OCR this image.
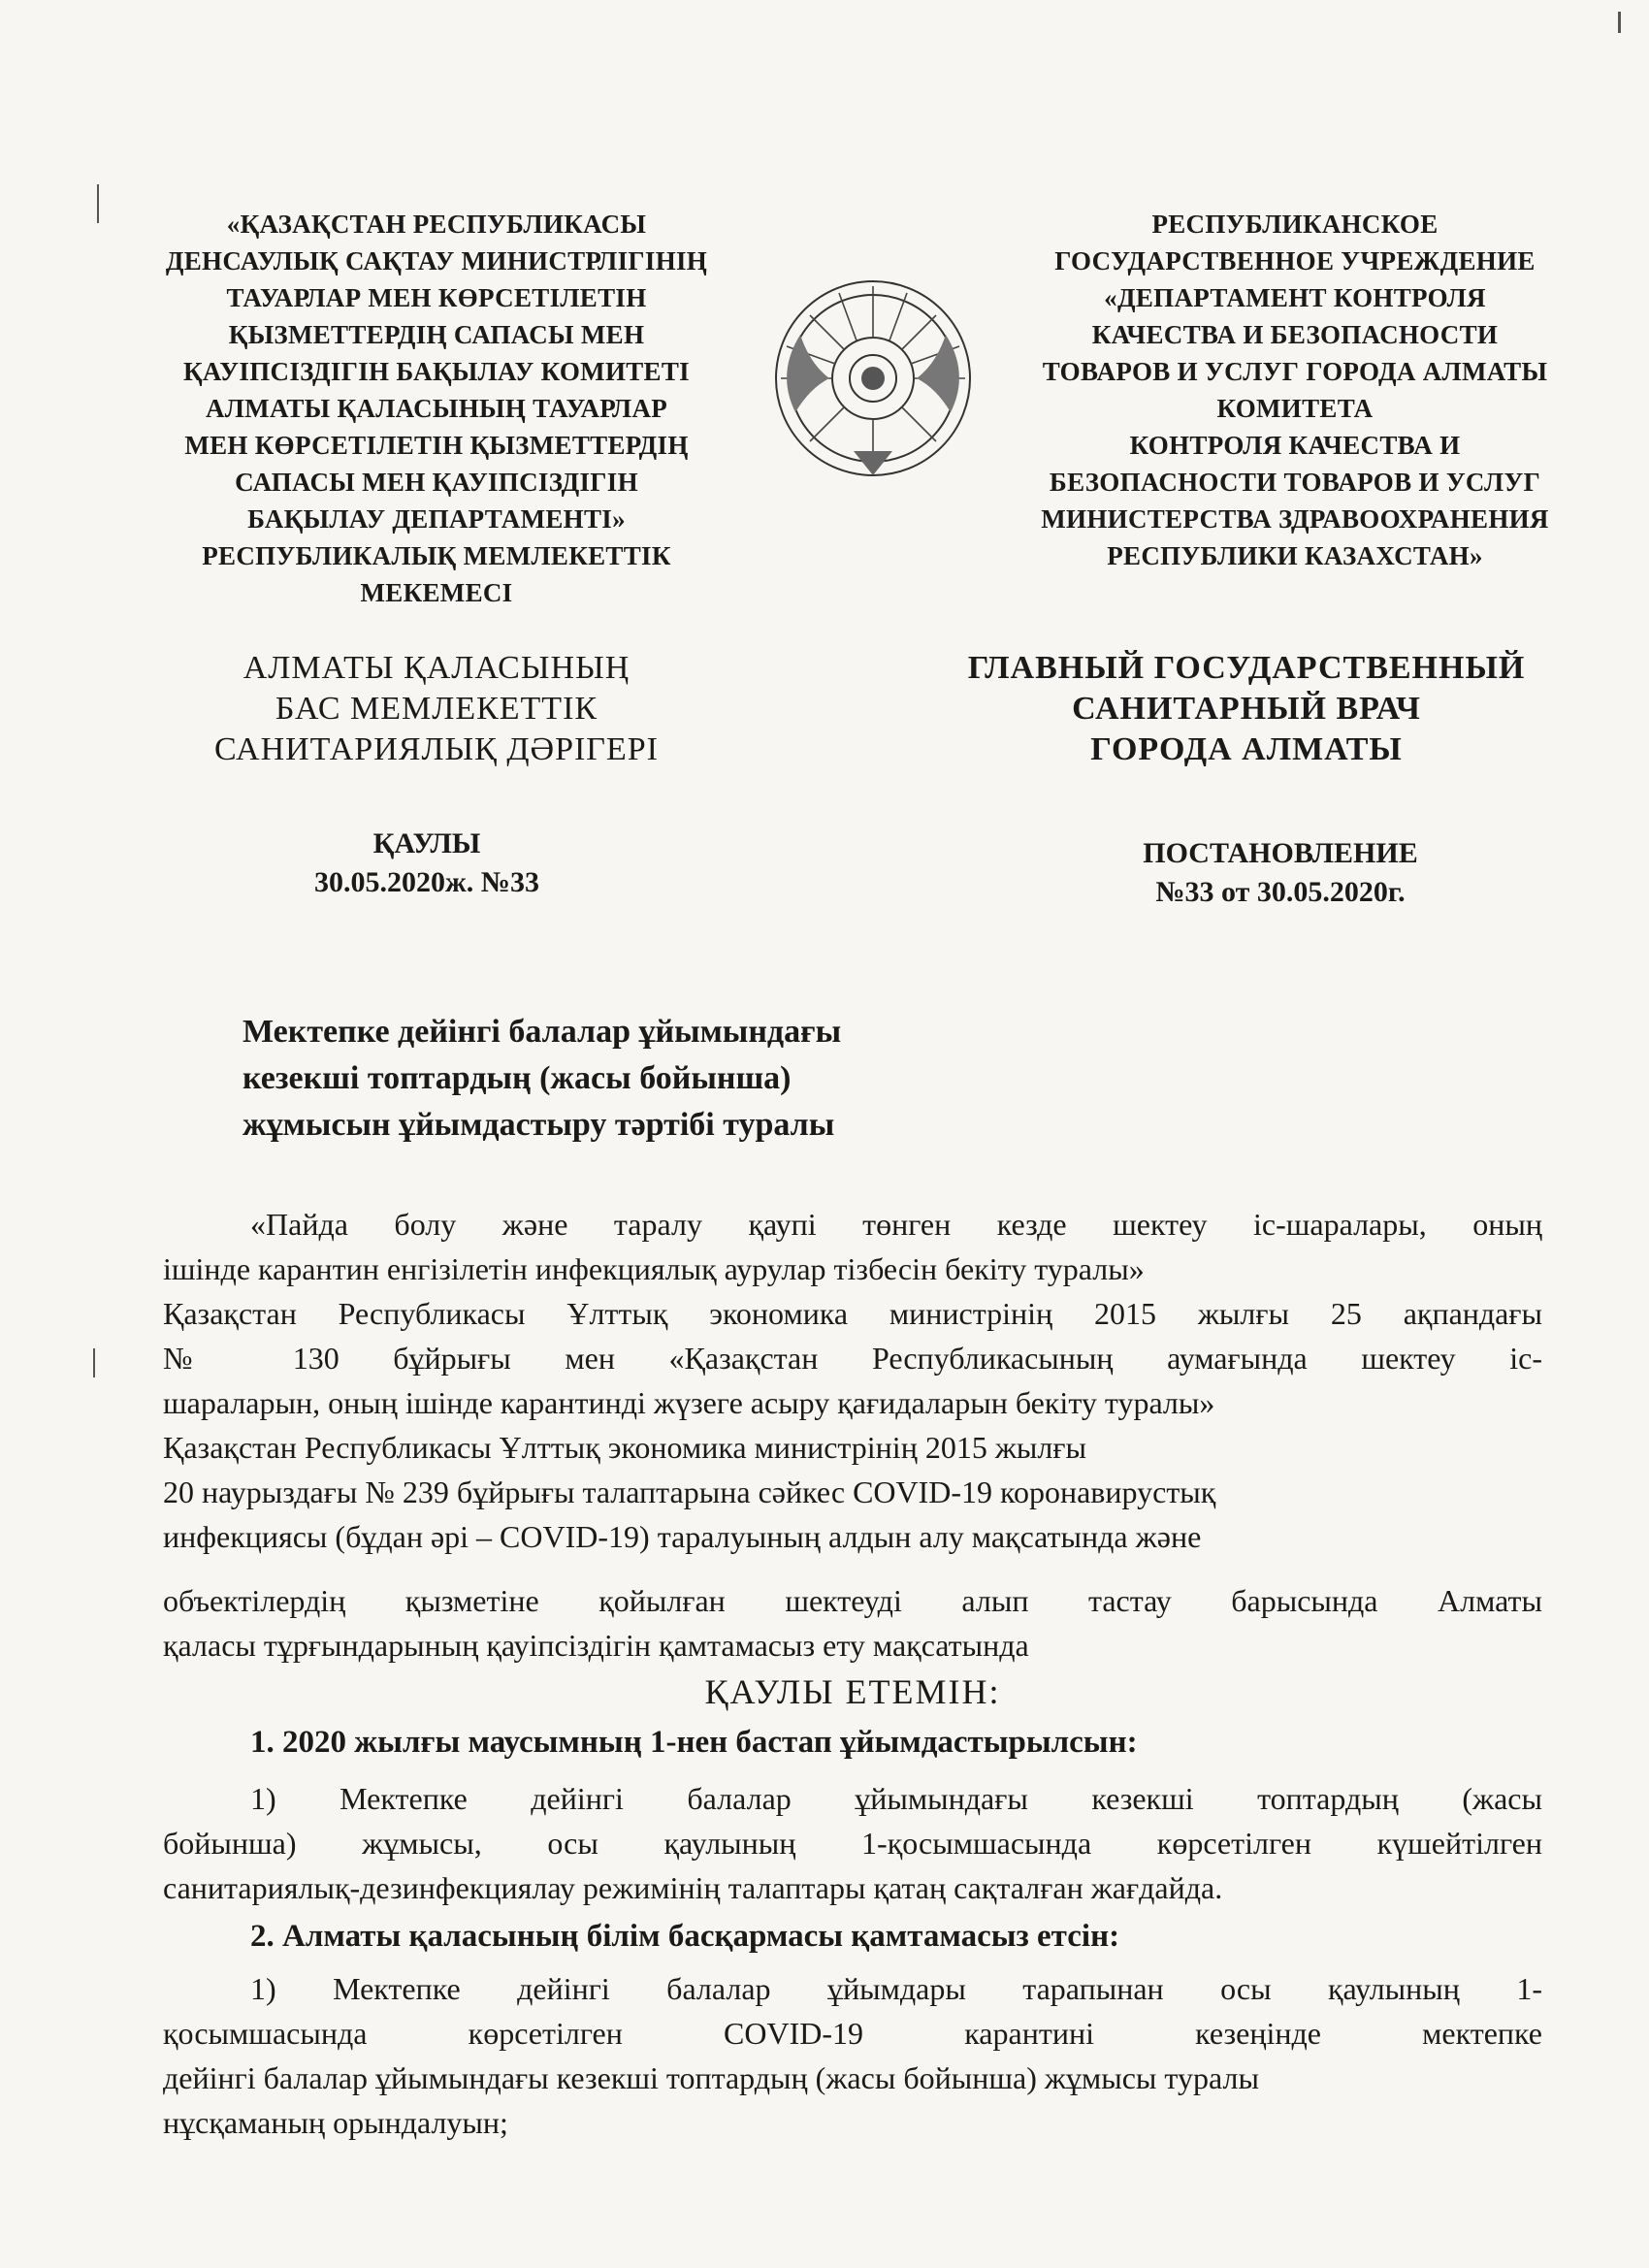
«ҚАЗАҚСТАН РЕСПУБЛИКАСЫ
ДЕНСАУЛЫҚ САҚТАУ МИНИСТРЛІГІНІҢ
ТАУАРЛАР МЕН КӨРСЕТІЛЕТІН
ҚЫЗМЕТТЕРДІҢ САПАСЫ МЕН
ҚАУІПСІЗДІГІН БАҚЫЛАУ КОМИТЕТІ
АЛМАТЫ ҚАЛАСЫНЫҢ ТАУАРЛАР
МЕН КӨРСЕТІЛЕТІН ҚЫЗМЕТТЕРДІҢ
САПАСЫ МЕН ҚАУІПСІЗДІГІН
БАҚЫЛАУ ДЕПАРТАМЕНТІ»
РЕСПУБЛИКАЛЫҚ МЕМЛЕКЕТТІК
МЕКЕМЕСІ
РЕСПУБЛИКАНСКОЕ
ГОСУДАРСТВЕННОЕ УЧРЕЖДЕНИЕ
«ДЕПАРТАМЕНТ КОНТРОЛЯ
КАЧЕСТВА И БЕЗОПАСНОСТИ
ТОВАРОВ И УСЛУГ ГОРОДА АЛМАТЫ
КОМИТЕТА
КОНТРОЛЯ КАЧЕСТВА И
БЕЗОПАСНОСТИ ТОВАРОВ И УСЛУГ
МИНИСТЕРСТВА ЗДРАВООХРАНЕНИЯ
РЕСПУБЛИКИ КАЗАХСТАН»
АЛМАТЫ ҚАЛАСЫНЫҢ
БАС МЕМЛЕКЕТТІК
САНИТАРИЯЛЫҚ ДӘРІГЕРІ
ГЛАВНЫЙ ГОСУДАРСТВЕННЫЙ
САНИТАРНЫЙ ВРАЧ
ГОРОДА АЛМАТЫ
ҚАУЛЫ
30.05.2020ж. №33
ПОСТАНОВЛЕНИЕ
№33 от 30.05.2020г.
Мектепке дейінгі балалар ұйымындағы
кезекші топтардың (жасы бойынша)
жұмысын ұйымдастыру тәртібі туралы
«Пайда болу және таралу қаупі төнген кезде шектеу іс-шаралары, оның
ішінде карантин енгізілетін инфекциялық аурулар тізбесін бекіту туралы»
Қазақстан Республикасы Ұлттық экономика министрінің 2015 жылғы 25 ақпандағы
№ 130 бұйрығы мен «Қазақстан Республикасының аумағында шектеу іс-
шараларын, оның ішінде карантинді жүзеге асыру қағидаларын бекіту туралы»
Қазақстан Республикасы Ұлттық экономика министрінің 2015 жылғы
20 наурыздағы № 239 бұйрығы талаптарына сәйкес COVID-19 коронавирустық
инфекциясы (бұдан әрі – COVID-19) таралуының алдын алу мақсатында және
объектілердің қызметіне қойылған шектеуді алып тастау барысында Алматы
қаласы тұрғындарының қауіпсіздігін қамтамасыз ету мақсатында
ҚАУЛЫ ЕТЕМІН:
1. 2020 жылғы маусымның 1-нен бастап ұйымдастырылсын:
1) Мектепке дейінгі балалар ұйымындағы кезекші топтардың (жасы
бойынша) жұмысы, осы қаулының 1-қосымшасында көрсетілген күшейтілген
санитариялық-дезинфекциялау режимінің талаптары қатаң сақталған жағдайда.
2. Алматы қаласының білім басқармасы қамтамасыз етсін:
1) Мектепке дейінгі балалар ұйымдары тарапынан осы қаулының 1-
қосымшасында көрсетілген COVID-19 карантині кезеңінде мектепке
дейінгі балалар ұйымындағы кезекші топтардың (жасы бойынша) жұмысы туралы
нұсқаманың орындалуын;
